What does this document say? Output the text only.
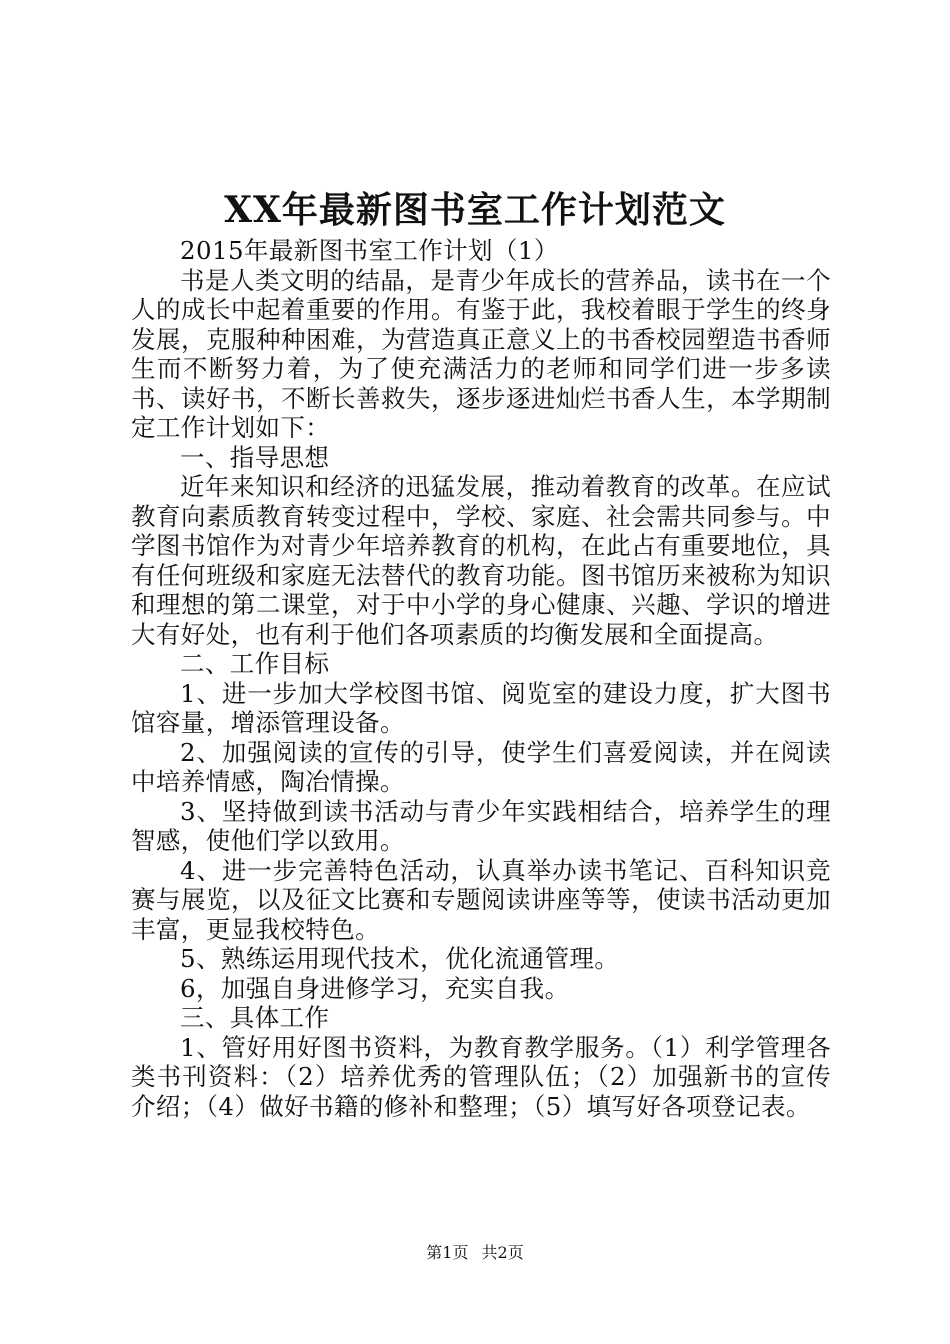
XX年最新图书室工作计划范文

2015年最新图书室工作计划（1）

书是人类文明的结晶，是青少年成长的营养品，读书在一个人的成长中起着重要的作用。有鉴于此，我校着眼于学生的终身发展，克服种种困难，为营造真正意义上的书香校园塑造书香师生而不断努力着，为了使充满活力的老师和同学们进一步多读书、读好书，不断长善救失，逐步逐进灿烂书香人生，本学期制定工作计划如下：

一、指导思想

近年来知识和经济的迅猛发展，推动着教育的改革。在应试教育向素质教育转变过程中，学校、家庭、社会需共同参与。中学图书馆作为对青少年培养教育的机构，在此占有重要地位，具有任何班级和家庭无法替代的教育功能。图书馆历来被称为知识和理想的第二课堂，对于中小学的身心健康、兴趣、学识的增进大有好处，也有利于他们各项素质的均衡发展和全面提高。

二、工作目标

1、进一步加大学校图书馆、阅览室的建设力度，扩大图书馆容量，增添管理设备。

2、加强阅读的宣传的引导，使学生们喜爱阅读，并在阅读中培养情感，陶冶情操。

3、坚持做到读书活动与青少年实践相结合，培养学生的理智感，使他们学以致用。

4、进一步完善特色活动，认真举办读书笔记、百科知识竞赛与展览，以及征文比赛和专题阅读讲座等等，使读书活动更加丰富，更显我校特色。

5、熟练运用现代技术，优化流通管理。

6，加强自身进修学习，充实自我。

三、具体工作

1、管好用好图书资料，为教育教学服务。（1）利学管理各类书刊资料：（2）培养优秀的管理队伍；（2）加强新书的宣传介绍；（4）做好书籍的修补和整理；（5）填写好各项登记表。

第1页 共2页
